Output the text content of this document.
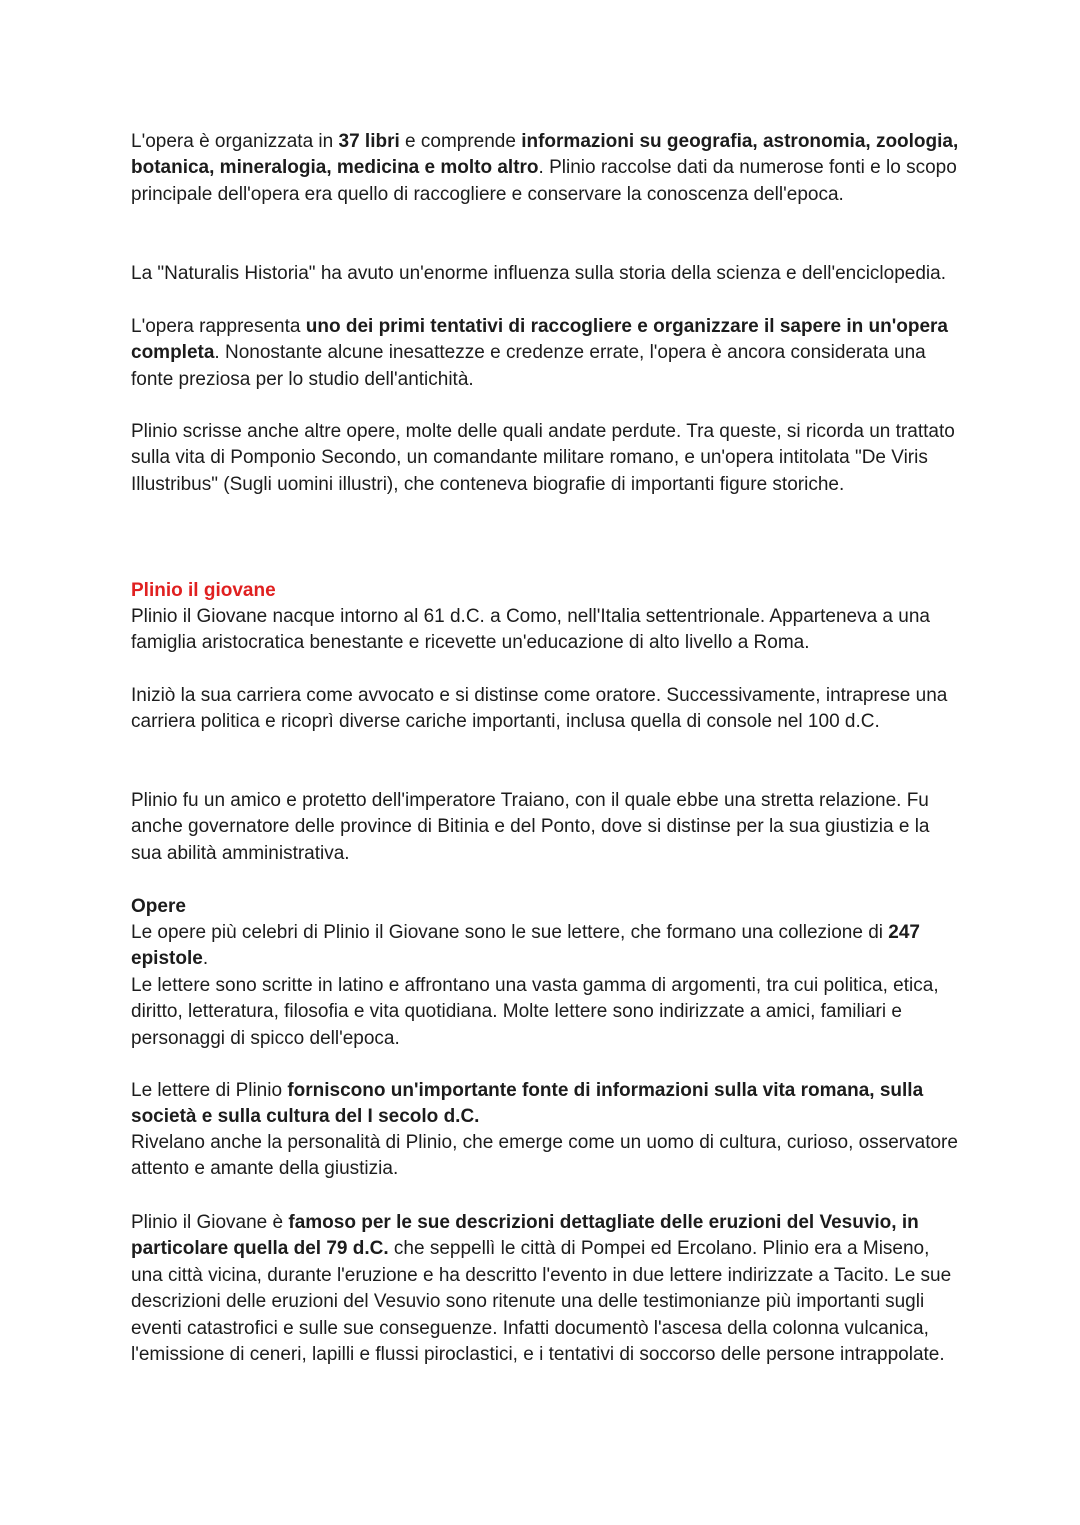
L'opera è organizzata in 37 libri e comprende informazioni su geografia, astronomia, zoologia, botanica, mineralogia, medicina e molto altro. Plinio raccolse dati da numerose fonti e lo scopo principale dell'opera era quello di raccogliere e conservare la conoscenza dell'epoca.

La "Naturalis Historia" ha avuto un'enorme influenza sulla storia della scienza e dell'enciclopedia.

L'opera rappresenta uno dei primi tentativi di raccogliere e organizzare il sapere in un'opera completa. Nonostante alcune inesattezze e credenze errate, l'opera è ancora considerata una fonte preziosa per lo studio dell'antichità.

Plinio scrisse anche altre opere, molte delle quali andate perdute. Tra queste, si ricorda un trattato sulla vita di Pomponio Secondo, un comandante militare romano, e un'opera intitolata "De Viris Illustribus" (Sugli uomini illustri), che conteneva biografie di importanti figure storiche.

Plinio il giovane

Plinio il Giovane nacque intorno al 61 d.C. a Como, nell'Italia settentrionale. Apparteneva a una famiglia aristocratica benestante e ricevette un'educazione di alto livello a Roma.

Iniziò la sua carriera come avvocato e si distinse come oratore. Successivamente, intraprese una carriera politica e ricoprì diverse cariche importanti, inclusa quella di console nel 100 d.C.

Plinio fu un amico e protetto dell'imperatore Traiano, con il quale ebbe una stretta relazione. Fu anche governatore delle province di Bitinia e del Ponto, dove si distinse per la sua giustizia e la sua abilità amministrativa.

Opere

Le opere più celebri di Plinio il Giovane sono le sue lettere, che formano una collezione di 247 epistole.

Le lettere sono scritte in latino e affrontano una vasta gamma di argomenti, tra cui politica, etica, diritto, letteratura, filosofia e vita quotidiana. Molte lettere sono indirizzate a amici, familiari e personaggi di spicco dell'epoca.

Le lettere di Plinio forniscono un'importante fonte di informazioni sulla vita romana, sulla società e sulla cultura del I secolo d.C.

Rivelano anche la personalità di Plinio, che emerge come un uomo di cultura, curioso, osservatore attento e amante della giustizia.

Plinio il Giovane è famoso per le sue descrizioni dettagliate delle eruzioni del Vesuvio, in particolare quella del 79 d.C. che seppellì le città di Pompei ed Ercolano. Plinio era a Miseno, una città vicina, durante l'eruzione e ha descritto l'evento in due lettere indirizzate a Tacito. Le sue descrizioni delle eruzioni del Vesuvio sono ritenute una delle testimonianze più importanti sugli eventi catastrofici e sulle sue conseguenze. Infatti documentò l'ascesa della colonna vulcanica, l'emissione di ceneri, lapilli e flussi piroclastici, e i tentativi di soccorso delle persone intrappolate.
